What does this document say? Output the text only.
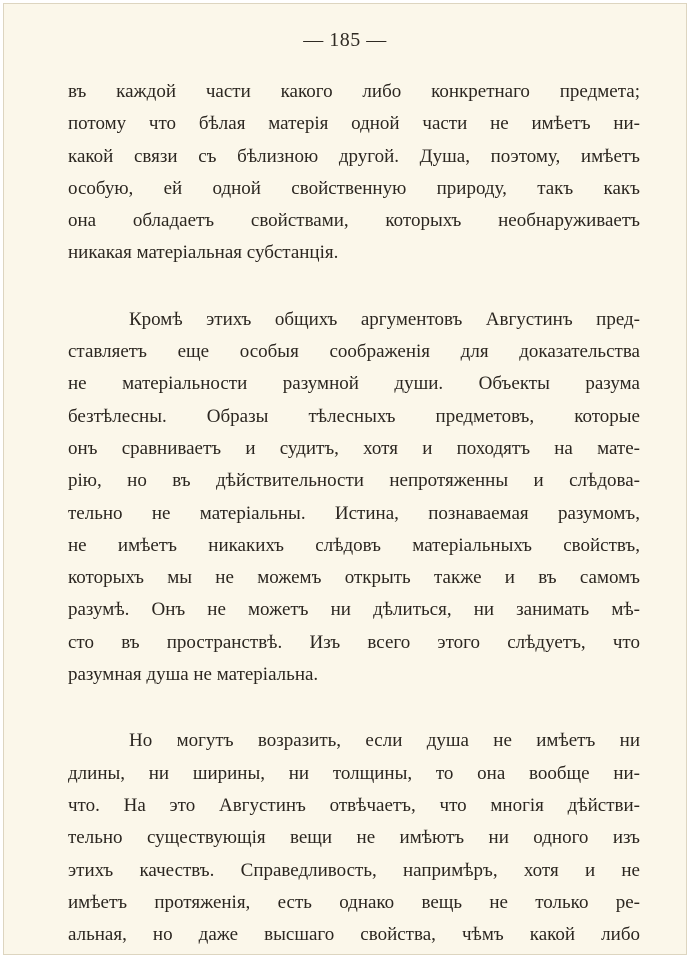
— 185 —

въ каждой части какого либо конкретнаго предмета;
потому что бѣлая матерія одной части не имѣетъ ни-
какой связи съ бѣлизною другой. Душа, поэтому, имѣетъ
особую, ей одной свойственную природу, такъ какъ
она обладаетъ свойствами, которыхъ необнаруживаетъ
никакая матеріальная субстанція.

Кромѣ этихъ общихъ аргументовъ Августинъ пред-
ставляетъ еще особыя соображенія для доказательства
не матеріальности разумной души. Объекты разума
безтѣлесны. Образы тѣлесныхъ предметовъ, которые
онъ сравниваетъ и судитъ, хотя и походятъ на мате-
рію, но въ дѣйствительности непротяженны и слѣдова-
тельно не матеріальны. Истина, познаваемая разумомъ,
не имѣетъ никакихъ слѣдовъ матеріальныхъ свойствъ,
которыхъ мы не можемъ открыть также и въ самомъ
разумѣ. Онъ не можетъ ни дѣлиться, ни занимать мѣ-
сто въ пространствѣ. Изъ всего этого слѣдуетъ, что
разумная душа не матеріальна.

Но могутъ возразить, если душа не имѣетъ ни
длины, ни ширины, ни толщины, то она вообще ни-
что. На это Августинъ отвѣчаетъ, что многія дѣйстви-
тельно существующія вещи не имѣютъ ни одного изъ
этихъ качествъ. Справедливость, напримѣръ, хотя и не
имѣетъ протяженія, есть однако вещь не только ре-
альная, но даже высшаго свойства, чѣмъ какой либо
